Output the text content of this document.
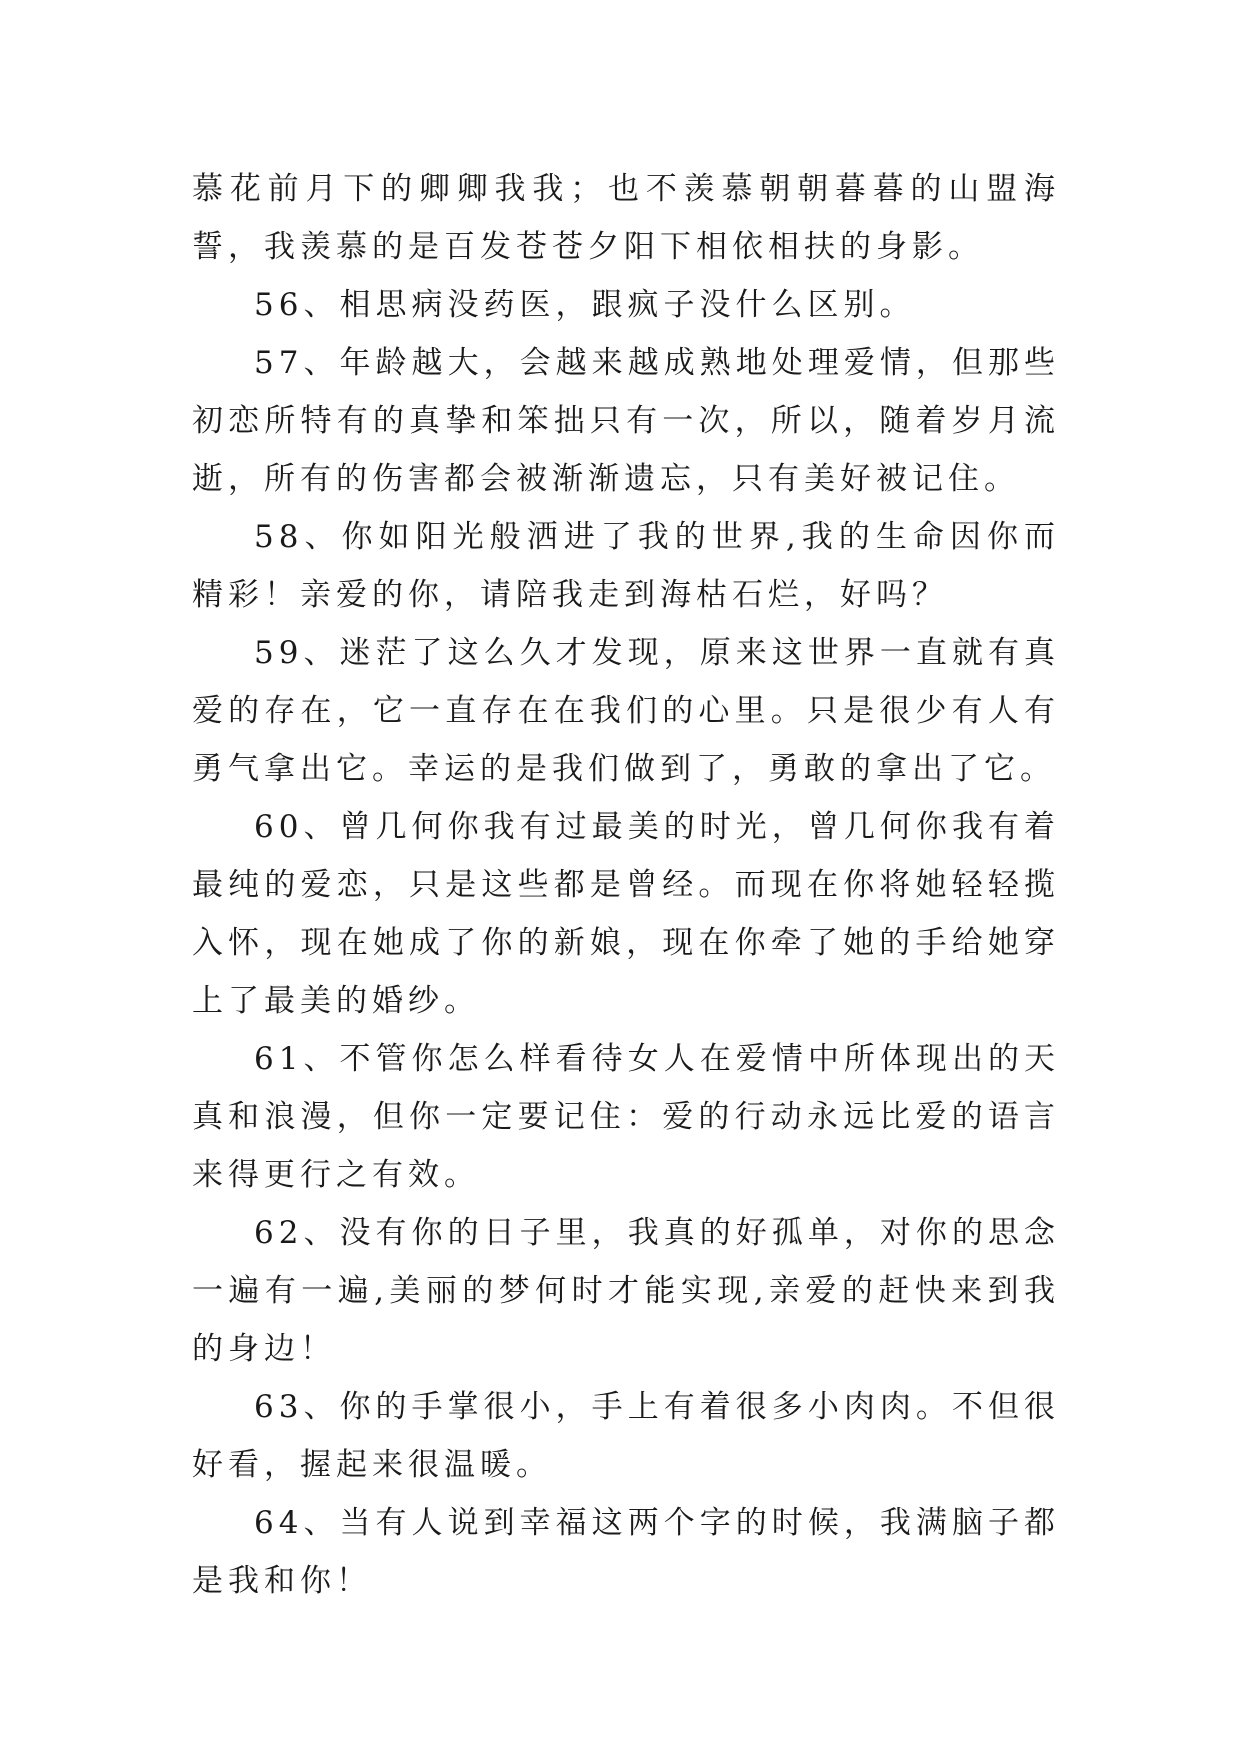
慕花前月下的卿卿我我；也不羡慕朝朝暮暮的山盟海誓，我羡慕的是百发苍苍夕阳下相依相扶的身影。

56、相思病没药医，跟疯子没什么区别。

57、年龄越大，会越来越成熟地处理爱情，但那些初恋所特有的真挚和笨拙只有一次，所以，随着岁月流逝，所有的伤害都会被渐渐遗忘，只有美好被记住。

58、你如阳光般洒进了我的世界,我的生命因你而精彩！亲爱的你，请陪我走到海枯石烂，好吗？

59、迷茫了这么久才发现，原来这世界一直就有真爱的存在，它一直存在在我们的心里。只是很少有人有勇气拿出它。幸运的是我们做到了，勇敢的拿出了它。

60、曾几何你我有过最美的时光，曾几何你我有着最纯的爱恋，只是这些都是曾经。而现在你将她轻轻揽入怀，现在她成了你的新娘，现在你牵了她的手给她穿上了最美的婚纱。

61、不管你怎么样看待女人在爱情中所体现出的天真和浪漫，但你一定要记住：爱的行动永远比爱的语言来得更行之有效。

62、没有你的日子里，我真的好孤单，对你的思念一遍有一遍,美丽的梦何时才能实现,亲爱的赶快来到我的身边！

63、你的手掌很小，手上有着很多小肉肉。不但很好看，握起来很温暖。

64、当有人说到幸福这两个字的时候，我满脑子都是我和你！
